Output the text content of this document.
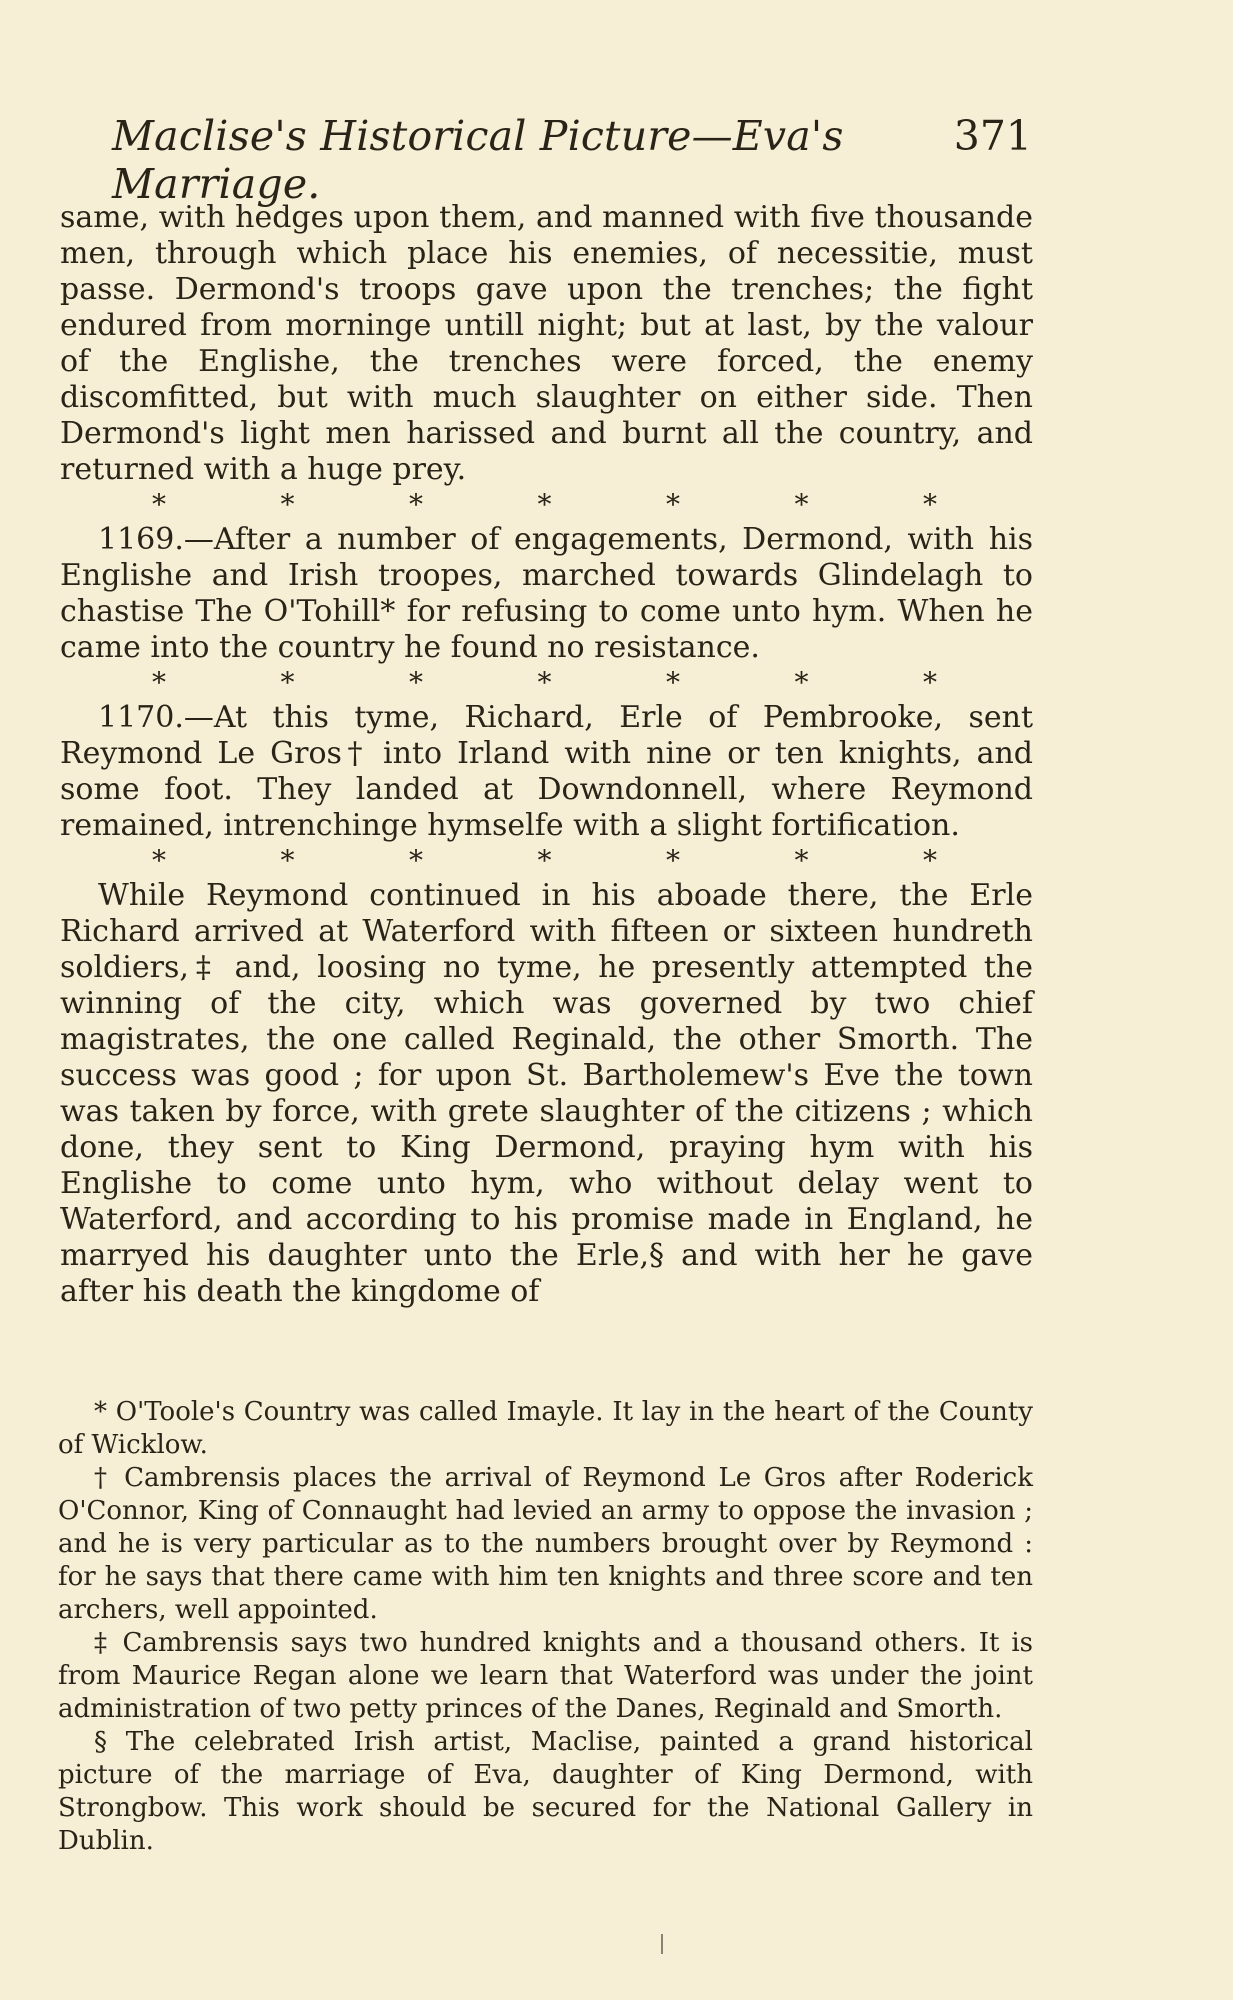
Maclise's Historical Picture—Eva's Marriage.
371

same, with hedges upon them, and manned with five thousande men, through which place his enemies, of necessitie, must passe. Dermond's troops gave upon the trenches; the fight endured from morninge untill night; but at last, by the valour of the Englishe, the trenches were forced, the enemy discomfitted, but with much slaughter on either side. Then Dermond's light men harissed and burnt all the country, and returned with a huge prey.

*	*	*	*	*	*	*

1169.—After a number of engagements, Dermond, with his Englishe and Irish troopes, marched towards Glindelagh to chastise The O'Tohill* for refusing to come unto hym. When he came into the country he found no resistance.

*	*	*	*	*	*	*

1170.—At this tyme, Richard, Erle of Pembrooke, sent Reymond Le Gros† into Irland with nine or ten knights, and some foot. They landed at Downdonnell, where Reymond remained, intrenchinge hymselfe with a slight fortification.

*	*	*	*	*	*	*

While Reymond continued in his aboade there, the Erle Richard arrived at Waterford with fifteen or sixteen hundreth soldiers,‡ and, loosing no tyme, he presently attempted the winning of the city, which was governed by two chief magistrates, the one called Reginald, the other Smorth. The success was good ; for upon St. Bartholemew's Eve the town was taken by force, with grete slaughter of the citizens ; which done, they sent to King Dermond, praying hym with his Englishe to come unto hym, who without delay went to Waterford, and according to his promise made in England, he marryed his daughter unto the Erle,§ and with her he gave after his death the kingdome of

* O'Toole's Country was called Imayle. It lay in the heart of the County of Wicklow.

† Cambrensis places the arrival of Reymond Le Gros after Roderick O'Connor, King of Connaught had levied an army to oppose the invasion ; and he is very particular as to the numbers brought over by Reymond : for he says that there came with him ten knights and three score and ten archers, well appointed.

‡ Cambrensis says two hundred knights and a thousand others. It is from Maurice Regan alone we learn that Waterford was under the joint administration of two petty princes of the Danes, Reginald and Smorth.

§ The celebrated Irish artist, Maclise, painted a grand historical picture of the marriage of Eva, daughter of King Dermond, with Strongbow. This work should be secured for the National Gallery in Dublin.
